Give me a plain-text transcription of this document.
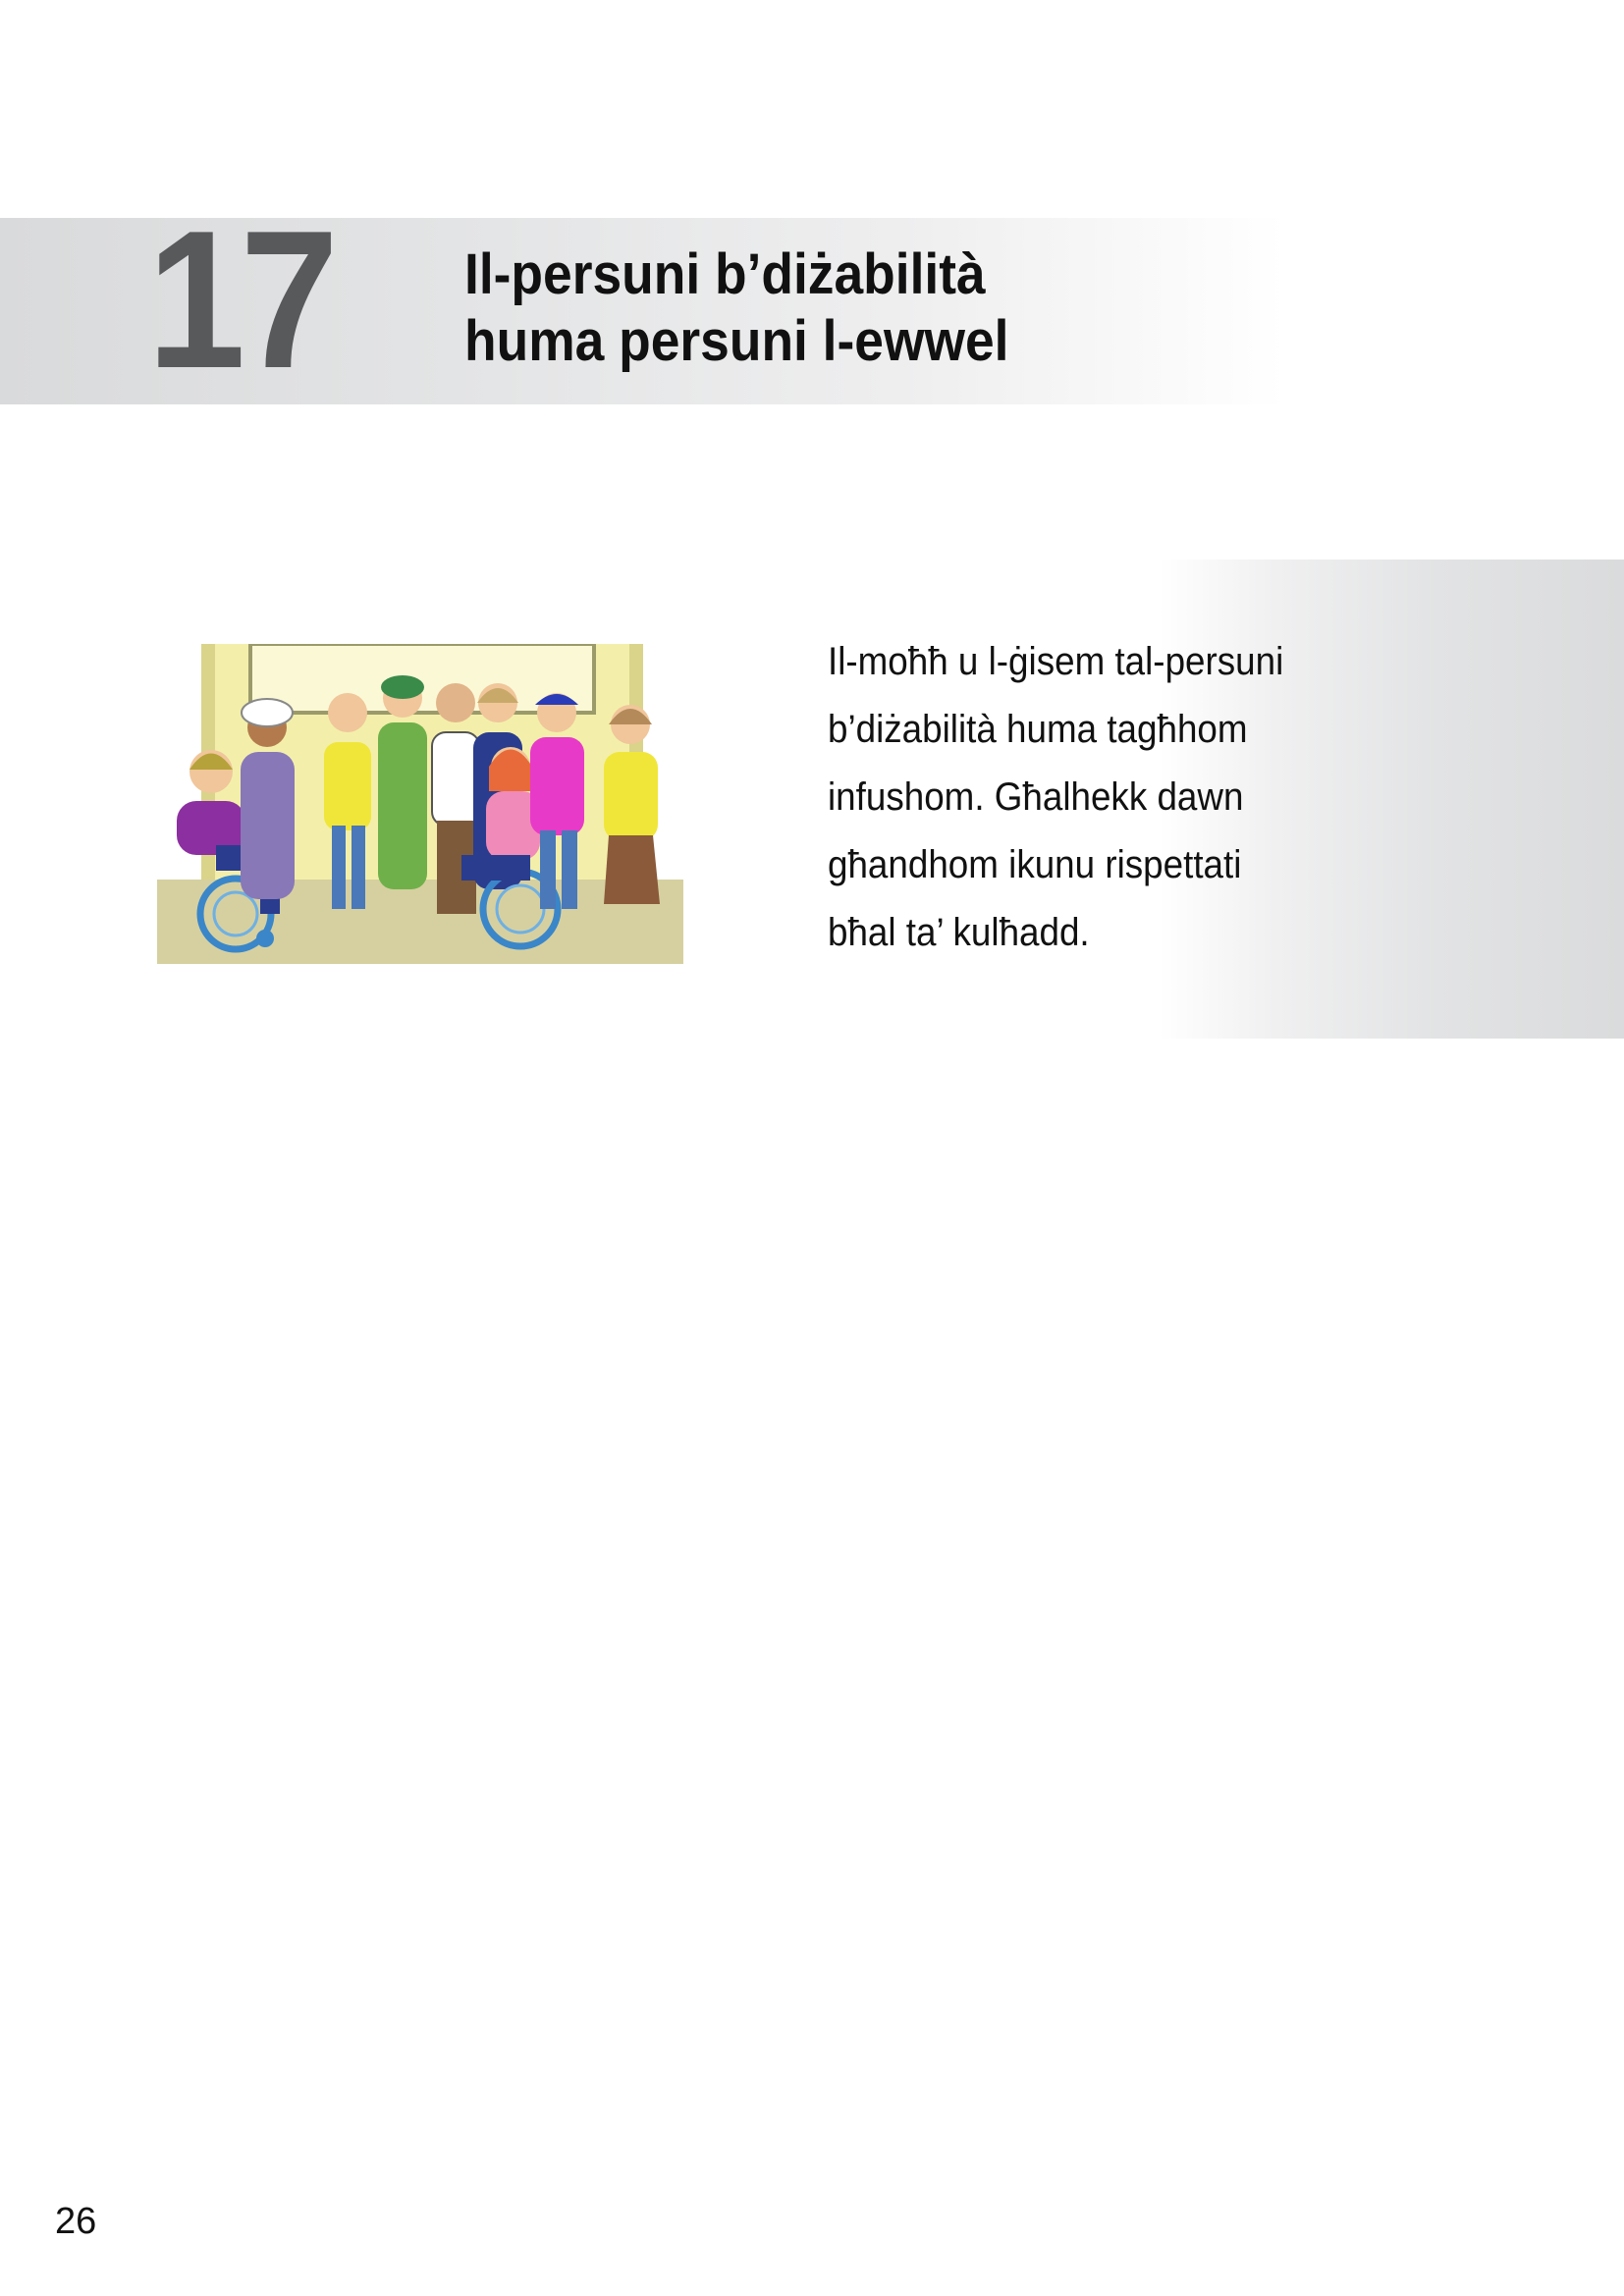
17 Il-persuni b’diżabilità
huma persuni l-ewwel
Il-moħħ u l-ġisem tal-persuni
b’diżabilità huma tagħhom
infushom. Għalhekk dawn
għandhom ikunu rispettati
bħal ta’ kulħadd.
26
